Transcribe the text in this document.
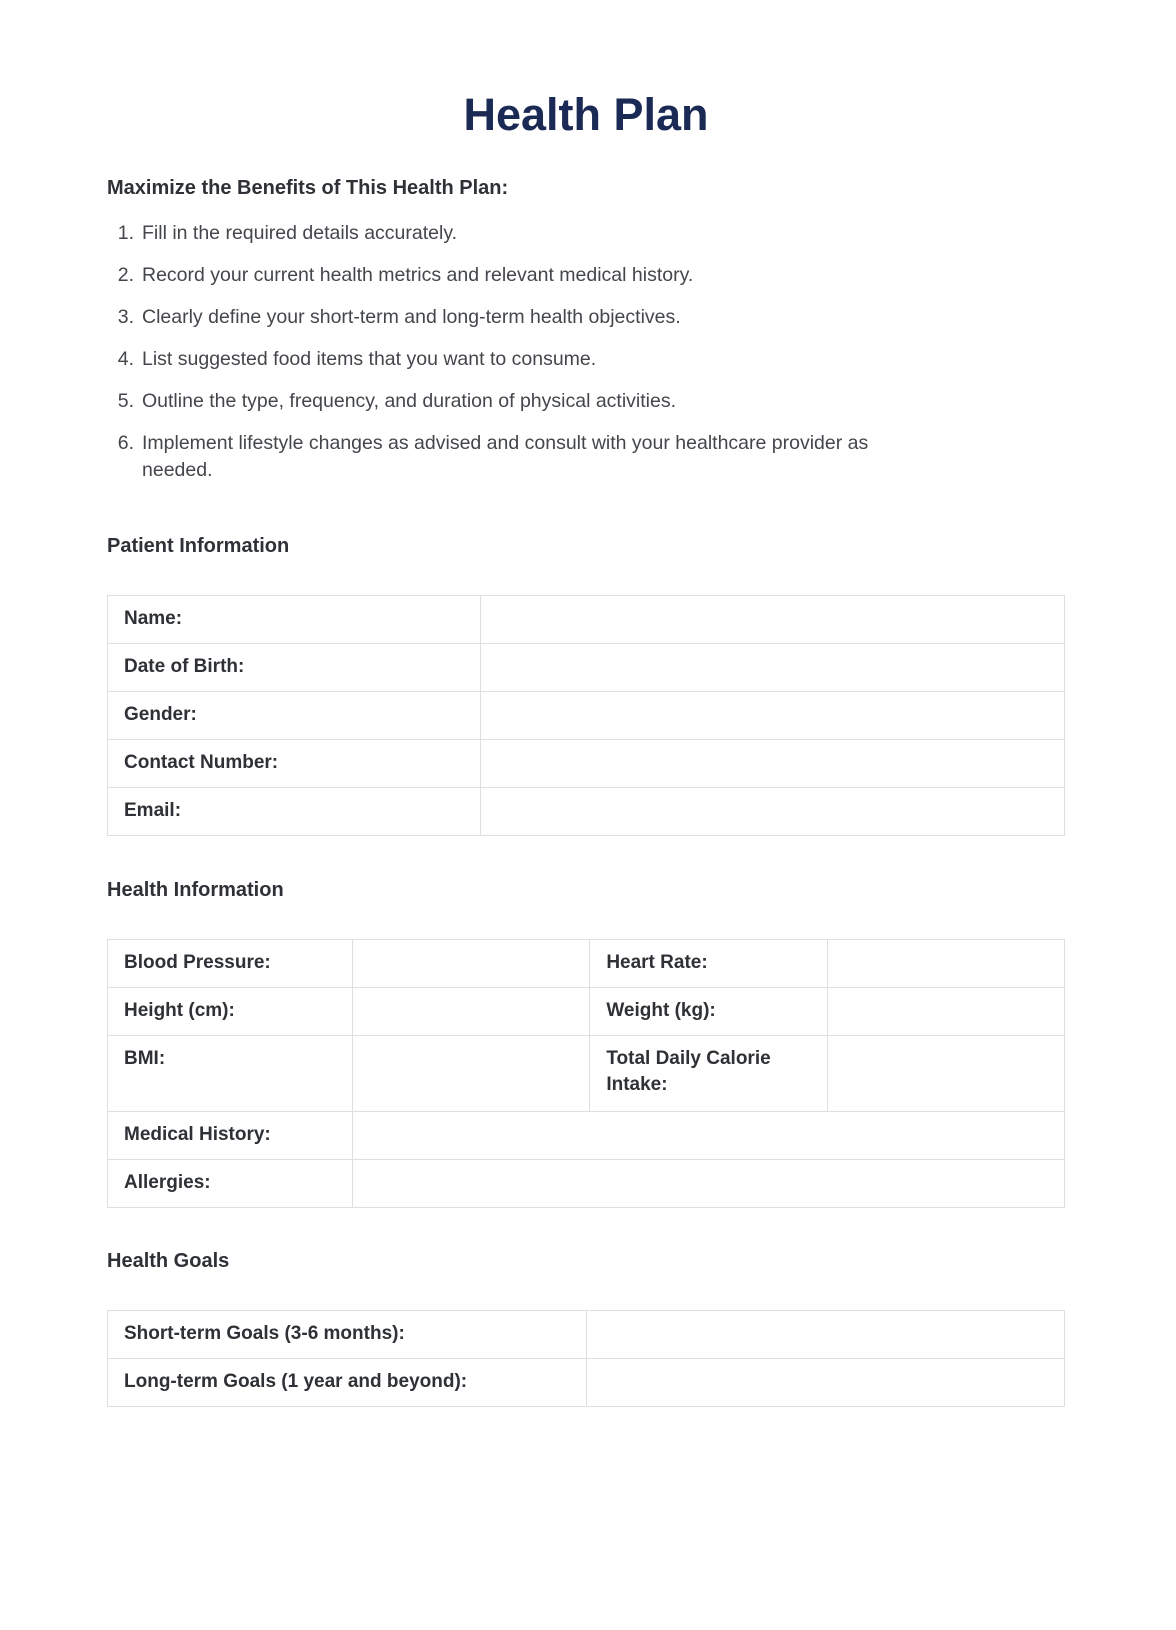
Health Plan
Maximize the Benefits of This Health Plan:
1. Fill in the required details accurately.
2. Record your current health metrics and relevant medical history.
3. Clearly define your short-term and long-term health objectives.
4. List suggested food items that you want to consume.
5. Outline the type, frequency, and duration of physical activities.
6. Implement lifestyle changes as advised and consult with your healthcare provider as needed.
Patient Information
Name:	
Date of Birth:	
Gender:	
Contact Number:	
Email:	
Health Information
Blood Pressure:		Heart Rate:	
Height (cm):		Weight (kg):	
BMI:		Total Daily Calorie Intake:	
Medical History:			
Allergies:			
Health Goals
Short-term Goals (3-6 months):	
Long-term Goals (1 year and beyond):	
